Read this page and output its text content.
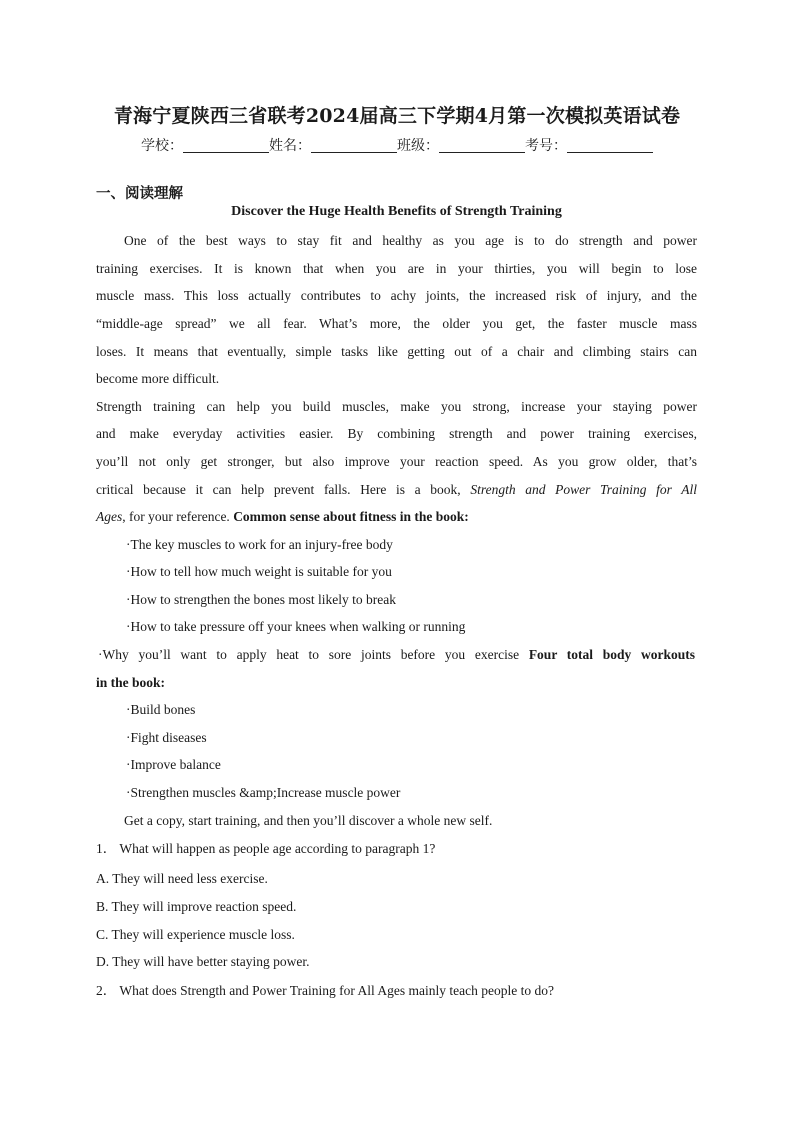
青海宁夏陕西三省联考2024届高三下学期4月第一次模拟英语试卷
学校：	姓名：	班级：	考号：
一、阅读理解
Discover the Huge Health Benefits of Strength Training
One of the best ways to stay fit and healthy as you age is to do strength and power
training exercises. It is known that when you are in your thirties, you will begin to lose
muscle mass. This loss actually contributes to achy joints, the increased risk of injury, and the
“middle-age spread” we all fear. What’s more, the older you get, the faster muscle mass
loses. It means that eventually, simple tasks like getting out of a chair and climbing stairs can
become more difficult.
Strength training can help you build muscles, make you strong, increase your staying power
and make everyday activities easier. By combining strength and power training exercises,
you’ll not only get stronger, but also improve your reaction speed. As you grow older, that’s
critical because it can help prevent falls. Here is a book, Strength and Power Training for All
Ages, for your reference. Common sense about fitness in the book:
·The key muscles to work for an injury-free body
·How to tell how much weight is suitable for you
·How to strengthen the bones most likely to break
·How to take pressure off your knees when walking or running
·Why you’ll want to apply heat to sore joints before you exercise Four total body workouts
in the book:
·Build bones
·Fight diseases
·Improve balance
·Strengthen muscles &amp;Increase muscle power
Get a copy, start training, and then you’ll discover a whole new self.
1． What will happen as people age according to paragraph 1?
A. They will need less exercise.
B. They will improve reaction speed.
C. They will experience muscle loss.
D. They will have better staying power.
2． What does Strength and Power Training for All Ages mainly teach people to do?
